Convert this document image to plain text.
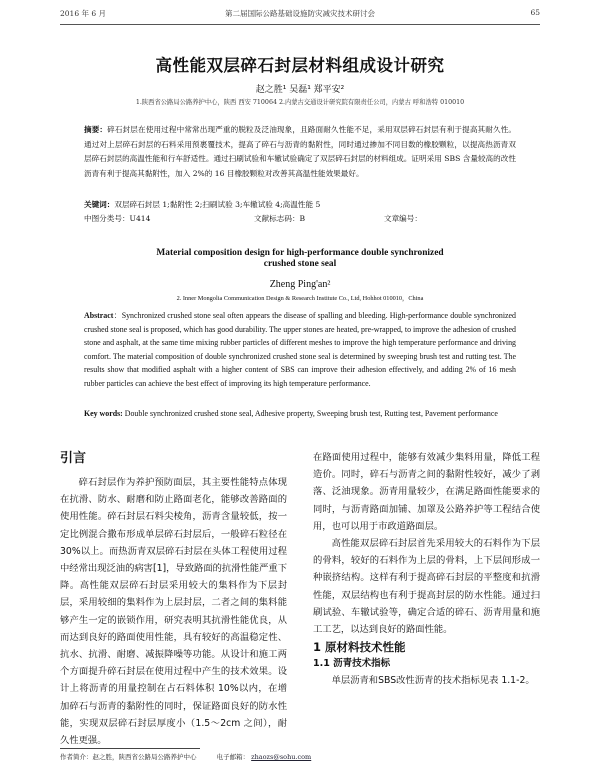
2016 年 6 月	第二届国际公路基础设施防灾减灾技术研讨会	65
高性能双层碎石封层材料组成设计研究
赵之胜¹ 吴磊¹ 郑平安²
1.陕西省公路局公路养护中心，陕西 西安 710064 2.内蒙古交通设计研究院有限责任公司，内蒙古 呼和浩特 010010
摘要：碎石封层在使用过程中常常出现严重的脱粒及泛油现象，且路面耐久性能不足，采用双层碎石封层有利于提高其耐久性。通过对上层碎石封层的石料采用预裹覆技术，提高了碎石与沥青的黏附性，同时通过掺加不同目数的橡胶颗粒，以提高热沥青双层碎石封层的高温性能和行车舒适性。通过扫刷试验和车辙试验确定了双层碎石封层的材料组成。证明采用 SBS 含量较高的改性沥青有利于提高其黏附性，加入 2%的 16 目橡胶颗粒对改善其高温性能效果最好。
关键词：双层碎石封层 1;黏附性 2;扫刷试验 3;车辙试验 4;高温性能 5
中图分类号：U414	文献标志码：B	文章编号：
Material composition design for high-performance double synchronized crushed stone seal
Zheng Ping'an²
2. Inner Mongolia Communication Design & Research Institute Co., Ltd, Hohhot 010010，China
Abstract：Synchronized crushed stone seal often appears the disease of spalling and bleeding. High-performance double synchronized crushed stone seal is proposed, which has good durability. The upper stones are heated, pre-wrapped, to improve the adhesion of crushed stone and asphalt, at the same time mixing rubber particles of different meshes to improve the high temperature performance and driving comfort. The material composition of double synchronized crushed stone seal is determined by sweeping brush test and rutting test. The results show that modified asphalt with a higher content of SBS can improve their adhesion effectively, and adding 2% of 16 mesh rubber particles can achieve the best effect of improving its high temperature performance.
Key words: Double synchronized crushed stone seal, Adhesive property, Sweeping brush test, Rutting test, Pavement performance
引言

碎石封层作为养护预防面层，其主要性能特点体现在抗滑、防水、耐磨和防止路面老化，能够改善路面的使用性能。碎石封层石料尖棱角，沥青含量较低，按一定比例混合撒布形成单层碎石封层后，一般碎石粒径在 30%以上。而热沥青双层碎石封层在头体工程使用过程中经常出现泛油的病害[1]，导致路面的抗滑性能严重下降。高性能双层碎石封层采用较大的集料作为下层封层，采用较细的集料作为上层封层，二者之间的集料能够产生一定的嵌锁作用，研究表明其抗滑性能优良，从而达到良好的路面使用性能，具有较好的高温稳定性、抗水、抗滑、耐磨、减振降噪等功能。从设计和施工两个方面提升碎石封层在使用过程中产生的技术效果。设计上将沥青的用量控制在占石料体积 10%以内，在增加碎石与沥青的黏附性的同时，保证路面良好的防水性能，实现双层碎石封层厚度小（1.5～2cm 之间），耐久性更强。

在路面使用过程中，能够有效减少集料用量，降低工程造价。同时，碎石与沥青之间的黏附性较好，减少了剥落、泛油现象。沥青用量较少，在满足路面性能要求的同时，与沥青路面加铺、加罩及公路养护等工程结合使用，也可以用于市政道路面层。

高性能双层碎石封层首先采用较大的石料作为下层的骨料，较好的石料作为上层的骨料，上下层间形成一种嵌挤结构。这样有利于提高碎石封层的平整度和抗滑性能，双层结构也有利于提高封层的防水性能。通过扫刷试验、车辙试验等，确定合适的碎石、沥青用量和施工工艺，以达到良好的路面性能。

1 原材料技术性能

1.1 沥青技术指标

单层沥青和SBS改性沥青的技术指标见表 1.1-2。

作者简介：赵之胜，陕西省公路局公路养护中心	电子邮箱： zhaozs@sohu.com
